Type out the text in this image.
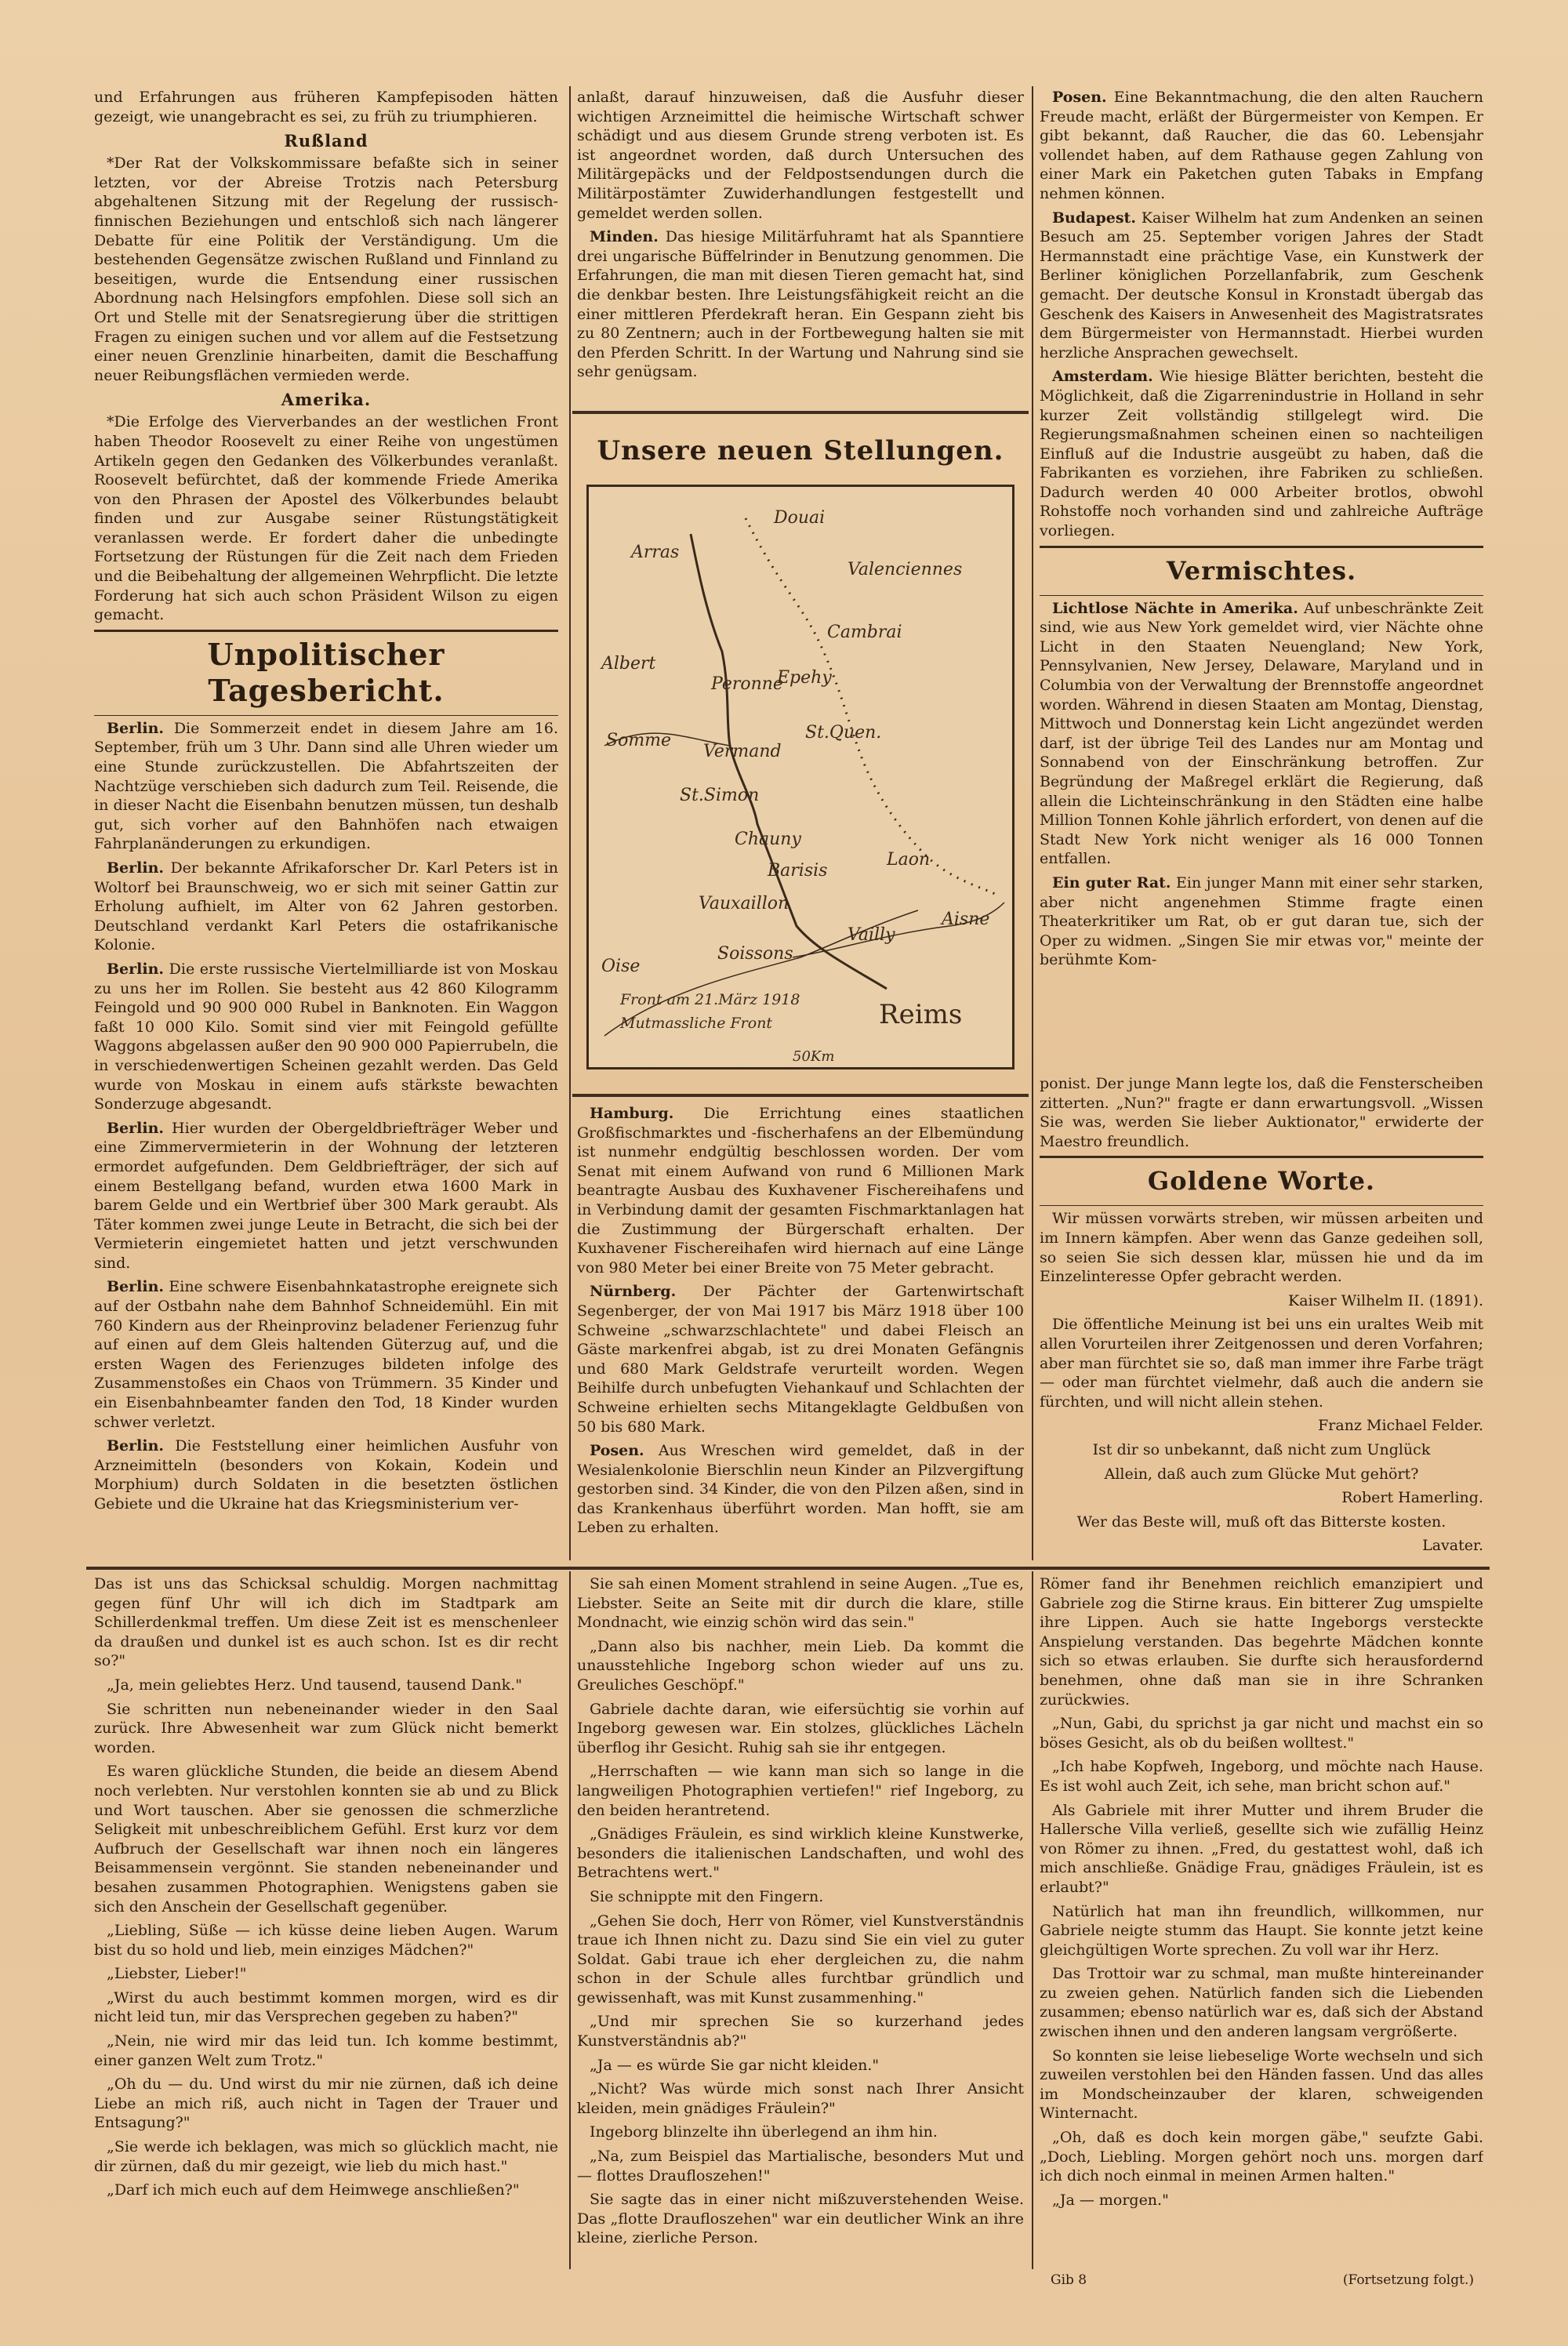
und Erfahrungen aus früheren Kampfepisoden hätten gezeigt, wie unangebracht es sei, zu früh zu triumphieren.

Rußland

*Der Rat der Volkskommissare befaßte sich in seiner letzten, vor der Abreise Trotzis nach Petersburg abgehaltenen Sitzung mit der Regelung der russisch-finnischen Beziehungen und entschloß sich nach längerer Debatte für eine Politik der Verständigung. Um die bestehenden Gegensätze zwischen Rußland und Finnland zu beseitigen, wurde die Entsendung einer russischen Abordnung nach Helsingfors empfohlen. Diese soll sich an Ort und Stelle mit der Senatsregierung über die strittigen Fragen zu einigen suchen und vor allem auf die Festsetzung einer neuen Grenzlinie hinarbeiten, damit die Beschaffung neuer Reibungsflächen vermieden werde.

Amerika.

*Die Erfolge des Vierverbandes an der westlichen Front haben Theodor Roosevelt zu einer Reihe von ungestümen Artikeln gegen den Gedanken des Völkerbundes veranlaßt. Roosevelt befürchtet, daß der kommende Friede Amerika von den Phrasen der Apostel des Völkerbundes belaubt finden und zur Ausgabe seiner Rüstungstätigkeit veranlassen werde. Er fordert daher die unbedingte Fortsetzung der Rüstungen für die Zeit nach dem Frieden und die Beibehaltung der allgemeinen Wehrpflicht. Die letzte Forderung hat sich auch schon Präsident Wilson zu eigen gemacht.

Unpolitischer Tagesbericht.

Berlin. Die Sommerzeit endet in diesem Jahre am 16. September, früh um 3 Uhr. Dann sind alle Uhren wieder um eine Stunde zurückzustellen. Die Abfahrtszeiten der Nachtzüge verschieben sich dadurch zum Teil. Reisende, die in dieser Nacht die Eisenbahn benutzen müssen, tun deshalb gut, sich vorher auf den Bahnhöfen nach etwaigen Fahrplanänderungen zu erkundigen.

Berlin. Der bekannte Afrikaforscher Dr. Karl Peters ist in Woltorf bei Braunschweig, wo er sich mit seiner Gattin zur Erholung aufhielt, im Alter von 62 Jahren gestorben. Deutschland verdankt Karl Peters die ostafrikanische Kolonie.

Berlin. Die erste russische Viertelmilliarde ist von Moskau zu uns her im Rollen. Sie besteht aus 42 860 Kilogramm Feingold und 90 900 000 Rubel in Banknoten. Ein Waggon faßt 10 000 Kilo. Somit sind vier mit Feingold gefüllte Waggons abgelassen außer den 90 900 000 Papierrubeln, die in verschiedenwertigen Scheinen gezahlt werden. Das Geld wurde von Moskau in einem aufs stärkste bewachten Sonderzuge abgesandt.

Berlin. Hier wurden der Obergeldbriefträger Weber und eine Zimmervermieterin in der Wohnung der letzteren ermordet aufgefunden. Dem Geldbriefträger, der sich auf einem Bestellgang befand, wurden etwa 1600 Mark in barem Gelde und ein Wertbrief über 300 Mark geraubt. Als Täter kommen zwei junge Leute in Betracht, die sich bei der Vermieterin eingemietet hatten und jetzt verschwunden sind.

Berlin. Eine schwere Eisenbahnkatastrophe ereignete sich auf der Ostbahn nahe dem Bahnhof Schneidemühl. Ein mit 760 Kindern aus der Rheinprovinz beladener Ferienzug fuhr auf einen auf dem Gleis haltenden Güterzug auf, und die ersten Wagen des Ferienzuges bildeten infolge des Zusammenstoßes ein Chaos von Trümmern. 35 Kinder und ein Eisenbahnbeamter fanden den Tod, 18 Kinder wurden schwer verletzt.

Berlin. Die Feststellung einer heimlichen Ausfuhr von Arzneimitteln (besonders von Kokain, Kodein und Morphium) durch Soldaten in die besetzten östlichen Gebiete und die Ukraine hat das Kriegsministerium ver-

anlaßt, darauf hinzuweisen, daß die Ausfuhr dieser wichtigen Arzneimittel die heimische Wirtschaft schwer schädigt und aus diesem Grunde streng verboten ist. Es ist angeordnet worden, daß durch Untersuchen des Militärgepäcks und der Feldpostsendungen durch die Militärpostämter Zuwiderhandlungen festgestellt und gemeldet werden sollen.

Minden. Das hiesige Militärfuhramt hat als Spanntiere drei ungarische Büffelrinder in Benutzung genommen. Die Erfahrungen, die man mit diesen Tieren gemacht hat, sind die denkbar besten. Ihre Leistungsfähigkeit reicht an die einer mittleren Pferdekraft heran. Ein Gespann zieht bis zu 80 Zentnern; auch in der Fortbewegung halten sie mit den Pferden Schritt. In der Wartung und Nahrung sind sie sehr genügsam.

Unsere neuen Stellungen.
Douai
Arras
Valenciennes
Cambrai
Albert
Peronne
Epehy
Somme
Vermand
St.Quen.
St.Simon
Chauny
Laon
Barisis
Vauxaillon
Aisne
Vailly
Oise
Soissons
Front am 21.März 1918
Mutmassliche Front	Reims
50Km

Hamburg. Die Errichtung eines staatlichen Großfischmarktes und -fischerhafens an der Elbemündung ist nunmehr endgültig beschlossen worden. Der vom Senat mit einem Aufwand von rund 6 Millionen Mark beantragte Ausbau des Kuxhavener Fischereihafens und in Verbindung damit der gesamten Fischmarktanlagen hat die Zustimmung der Bürgerschaft erhalten. Der Kuxhavener Fischereihafen wird hiernach auf eine Länge von 980 Meter bei einer Breite von 75 Meter gebracht.

Nürnberg. Der Pächter der Gartenwirtschaft Segenberger, der von Mai 1917 bis März 1918 über 100 Schweine „schwarzschlachtete" und dabei Fleisch an Gäste markenfrei abgab, ist zu drei Monaten Gefängnis und 680 Mark Geldstrafe verurteilt worden. Wegen Beihilfe durch unbefugten Viehankauf und Schlachten der Schweine erhielten sechs Mitangeklagte Geldbußen von 50 bis 680 Mark.

Posen. Aus Wreschen wird gemeldet, daß in der Wesialenkolonie Bierschlin neun Kinder an Pilzvergiftung gestorben sind. 34 Kinder, die von den Pilzen aßen, sind in das Krankenhaus überführt worden. Man hofft, sie am Leben zu erhalten.

Posen. Eine Bekanntmachung, die den alten Rauchern Freude macht, erläßt der Bürgermeister von Kempen. Er gibt bekannt, daß Raucher, die das 60. Lebensjahr vollendet haben, auf dem Rathause gegen Zahlung von einer Mark ein Paketchen guten Tabaks in Empfang nehmen können.

Budapest. Kaiser Wilhelm hat zum Andenken an seinen Besuch am 25. September vorigen Jahres der Stadt Hermannstadt eine prächtige Vase, ein Kunstwerk der Berliner königlichen Porzellanfabrik, zum Geschenk gemacht. Der deutsche Konsul in Kronstadt übergab das Geschenk des Kaisers in Anwesenheit des Magistratsrates dem Bürgermeister von Hermannstadt. Hierbei wurden herzliche Ansprachen gewechselt.

Amsterdam. Wie hiesige Blätter berichten, besteht die Möglichkeit, daß die Zigarrenindustrie in Holland in sehr kurzer Zeit vollständig stillgelegt wird. Die Regierungsmaßnahmen scheinen einen so nachteiligen Einfluß auf die Industrie ausgeübt zu haben, daß die Fabrikanten es vorziehen, ihre Fabriken zu schließen. Dadurch werden 40 000 Arbeiter brotlos, obwohl Rohstoffe noch vorhanden sind und zahlreiche Aufträge vorliegen.

Vermischtes.

Lichtlose Nächte in Amerika. Auf unbeschränkte Zeit sind, wie aus New York gemeldet wird, vier Nächte ohne Licht in den Staaten Neuengland; New York, Pennsylvanien, New Jersey, Delaware, Maryland und in Columbia von der Verwaltung der Brennstoffe angeordnet worden. Während in diesen Staaten am Montag, Dienstag, Mittwoch und Donnerstag kein Licht angezündet werden darf, ist der übrige Teil des Landes nur am Montag und Sonnabend von der Einschränkung betroffen. Zur Begründung der Maßregel erklärt die Regierung, daß allein die Lichteinschränkung in den Städten eine halbe Million Tonnen Kohle jährlich erfordert, von denen auf die Stadt New York nicht weniger als 16 000 Tonnen entfallen.

Ein guter Rat. Ein junger Mann mit einer sehr starken, aber nicht angenehmen Stimme fragte einen Theaterkritiker um Rat, ob er gut daran tue, sich der Oper zu widmen. „Singen Sie mir etwas vor," meinte der berühmte Kom-

ponist. Der junge Mann legte los, daß die Fensterscheiben zitterten. „Nun?" fragte er dann erwartungsvoll. „Wissen Sie was, werden Sie lieber Auktionator," erwiderte der Maestro freundlich.

Goldene Worte.

Wir müssen vorwärts streben, wir müssen arbeiten und im Innern kämpfen. Aber wenn das Ganze gedeihen soll, so seien Sie sich dessen klar, müssen hie und da im Einzelinteresse Opfer gebracht werden.

Kaiser Wilhelm II. (1891).

Die öffentliche Meinung ist bei uns ein uraltes Weib mit allen Vorurteilen ihrer Zeitgenossen und deren Vorfahren; aber man fürchtet sie so, daß man immer ihre Farbe trägt — oder man fürchtet vielmehr, daß auch die andern sie fürchten, und will nicht allein stehen.

Franz Michael Felder.

Ist dir so unbekannt, daß nicht zum Unglück

Allein, daß auch zum Glücke Mut gehört?

Robert Hamerling.

Wer das Beste will, muß oft das Bitterste kosten.

Lavater.

Das ist uns das Schicksal schuldig. Morgen nachmittag gegen fünf Uhr will ich dich im Stadtpark am Schillerdenkmal treffen. Um diese Zeit ist es menschenleer da draußen und dunkel ist es auch schon. Ist es dir recht so?"

„Ja, mein geliebtes Herz. Und tausend, tausend Dank."

Sie schritten nun nebeneinander wieder in den Saal zurück. Ihre Abwesenheit war zum Glück nicht bemerkt worden.

Es waren glückliche Stunden, die beide an diesem Abend noch verlebten. Nur verstohlen konnten sie ab und zu Blick und Wort tauschen. Aber sie genossen die schmerzliche Seligkeit mit unbeschreiblichem Gefühl. Erst kurz vor dem Aufbruch der Gesellschaft war ihnen noch ein längeres Beisammensein vergönnt. Sie standen nebeneinander und besahen zusammen Photographien. Wenigstens gaben sie sich den Anschein der Gesellschaft gegenüber.

„Liebling, Süße — ich küsse deine lieben Augen. Warum bist du so hold und lieb, mein einziges Mädchen?"

„Liebster, Lieber!"

„Wirst du auch bestimmt kommen morgen, wird es dir nicht leid tun, mir das Versprechen gegeben zu haben?"

„Nein, nie wird mir das leid tun. Ich komme bestimmt, einer ganzen Welt zum Trotz."

„Oh du — du. Und wirst du mir nie zürnen, daß ich deine Liebe an mich riß, auch nicht in Tagen der Trauer und Entsagung?"

„Sie werde ich beklagen, was mich so glücklich macht, nie dir zürnen, daß du mir gezeigt, wie lieb du mich hast."

„Darf ich mich euch auf dem Heimwege anschließen?"

Sie sah einen Moment strahlend in seine Augen. „Tue es, Liebster. Seite an Seite mit dir durch die klare, stille Mondnacht, wie einzig schön wird das sein."

„Dann also bis nachher, mein Lieb. Da kommt die unausstehliche Ingeborg schon wieder auf uns zu. Greuliches Geschöpf."

Gabriele dachte daran, wie eifersüchtig sie vorhin auf Ingeborg gewesen war. Ein stolzes, glückliches Lächeln überflog ihr Gesicht. Ruhig sah sie ihr entgegen.

„Herrschaften — wie kann man sich so lange in die langweiligen Photographien vertiefen!" rief Ingeborg, zu den beiden herantretend.

„Gnädiges Fräulein, es sind wirklich kleine Kunstwerke, besonders die italienischen Landschaften, und wohl des Betrachtens wert."

Sie schnippte mit den Fingern.

„Gehen Sie doch, Herr von Römer, viel Kunstverständnis traue ich Ihnen nicht zu. Dazu sind Sie ein viel zu guter Soldat. Gabi traue ich eher dergleichen zu, die nahm schon in der Schule alles furchtbar gründlich und gewissenhaft, was mit Kunst zusammenhing."

„Und mir sprechen Sie so kurzerhand jedes Kunstverständnis ab?"

„Ja — es würde Sie gar nicht kleiden."

„Nicht? Was würde mich sonst nach Ihrer Ansicht kleiden, mein gnädiges Fräulein?"

Ingeborg blinzelte ihn überlegend an ihm hin.

„Na, zum Beispiel das Martialische, besonders Mut und — flottes Draufloszehen!"

Sie sagte das in einer nicht mißzuverstehenden Weise. Das „flotte Draufloszehen" war ein deutlicher Wink an ihre kleine, zierliche Person.

Römer fand ihr Benehmen reichlich emanzipiert und Gabriele zog die Stirne kraus. Ein bitterer Zug umspielte ihre Lippen. Auch sie hatte Ingeborgs versteckte Anspielung verstanden. Das begehrte Mädchen konnte sich so etwas erlauben. Sie durfte sich herausfordernd benehmen, ohne daß man sie in ihre Schranken zurückwies.

„Nun, Gabi, du sprichst ja gar nicht und machst ein so böses Gesicht, als ob du beißen wolltest."

„Ich habe Kopfweh, Ingeborg, und möchte nach Hause. Es ist wohl auch Zeit, ich sehe, man bricht schon auf."

Als Gabriele mit ihrer Mutter und ihrem Bruder die Hallersche Villa verließ, gesellte sich wie zufällig Heinz von Römer zu ihnen. „Fred, du gestattest wohl, daß ich mich anschließe. Gnädige Frau, gnädiges Fräulein, ist es erlaubt?"

Natürlich hat man ihn freundlich, willkommen, nur Gabriele neigte stumm das Haupt. Sie konnte jetzt keine gleichgültigen Worte sprechen. Zu voll war ihr Herz.

Das Trottoir war zu schmal, man mußte hintereinander zu zweien gehen. Natürlich fanden sich die Liebenden zusammen; ebenso natürlich war es, daß sich der Abstand zwischen ihnen und den anderen langsam vergrößerte.

So konnten sie leise liebeselige Worte wechseln und sich zuweilen verstohlen bei den Händen fassen. Und das alles im Mondscheinzauber der klaren, schweigenden Winternacht.

„Oh, daß es doch kein morgen gäbe," seufzte Gabi. „Doch, Liebling. Morgen gehört noch uns. morgen darf ich dich noch einmal in meinen Armen halten."

„Ja — morgen."

Gib 8	(Fortsetzung folgt.)
